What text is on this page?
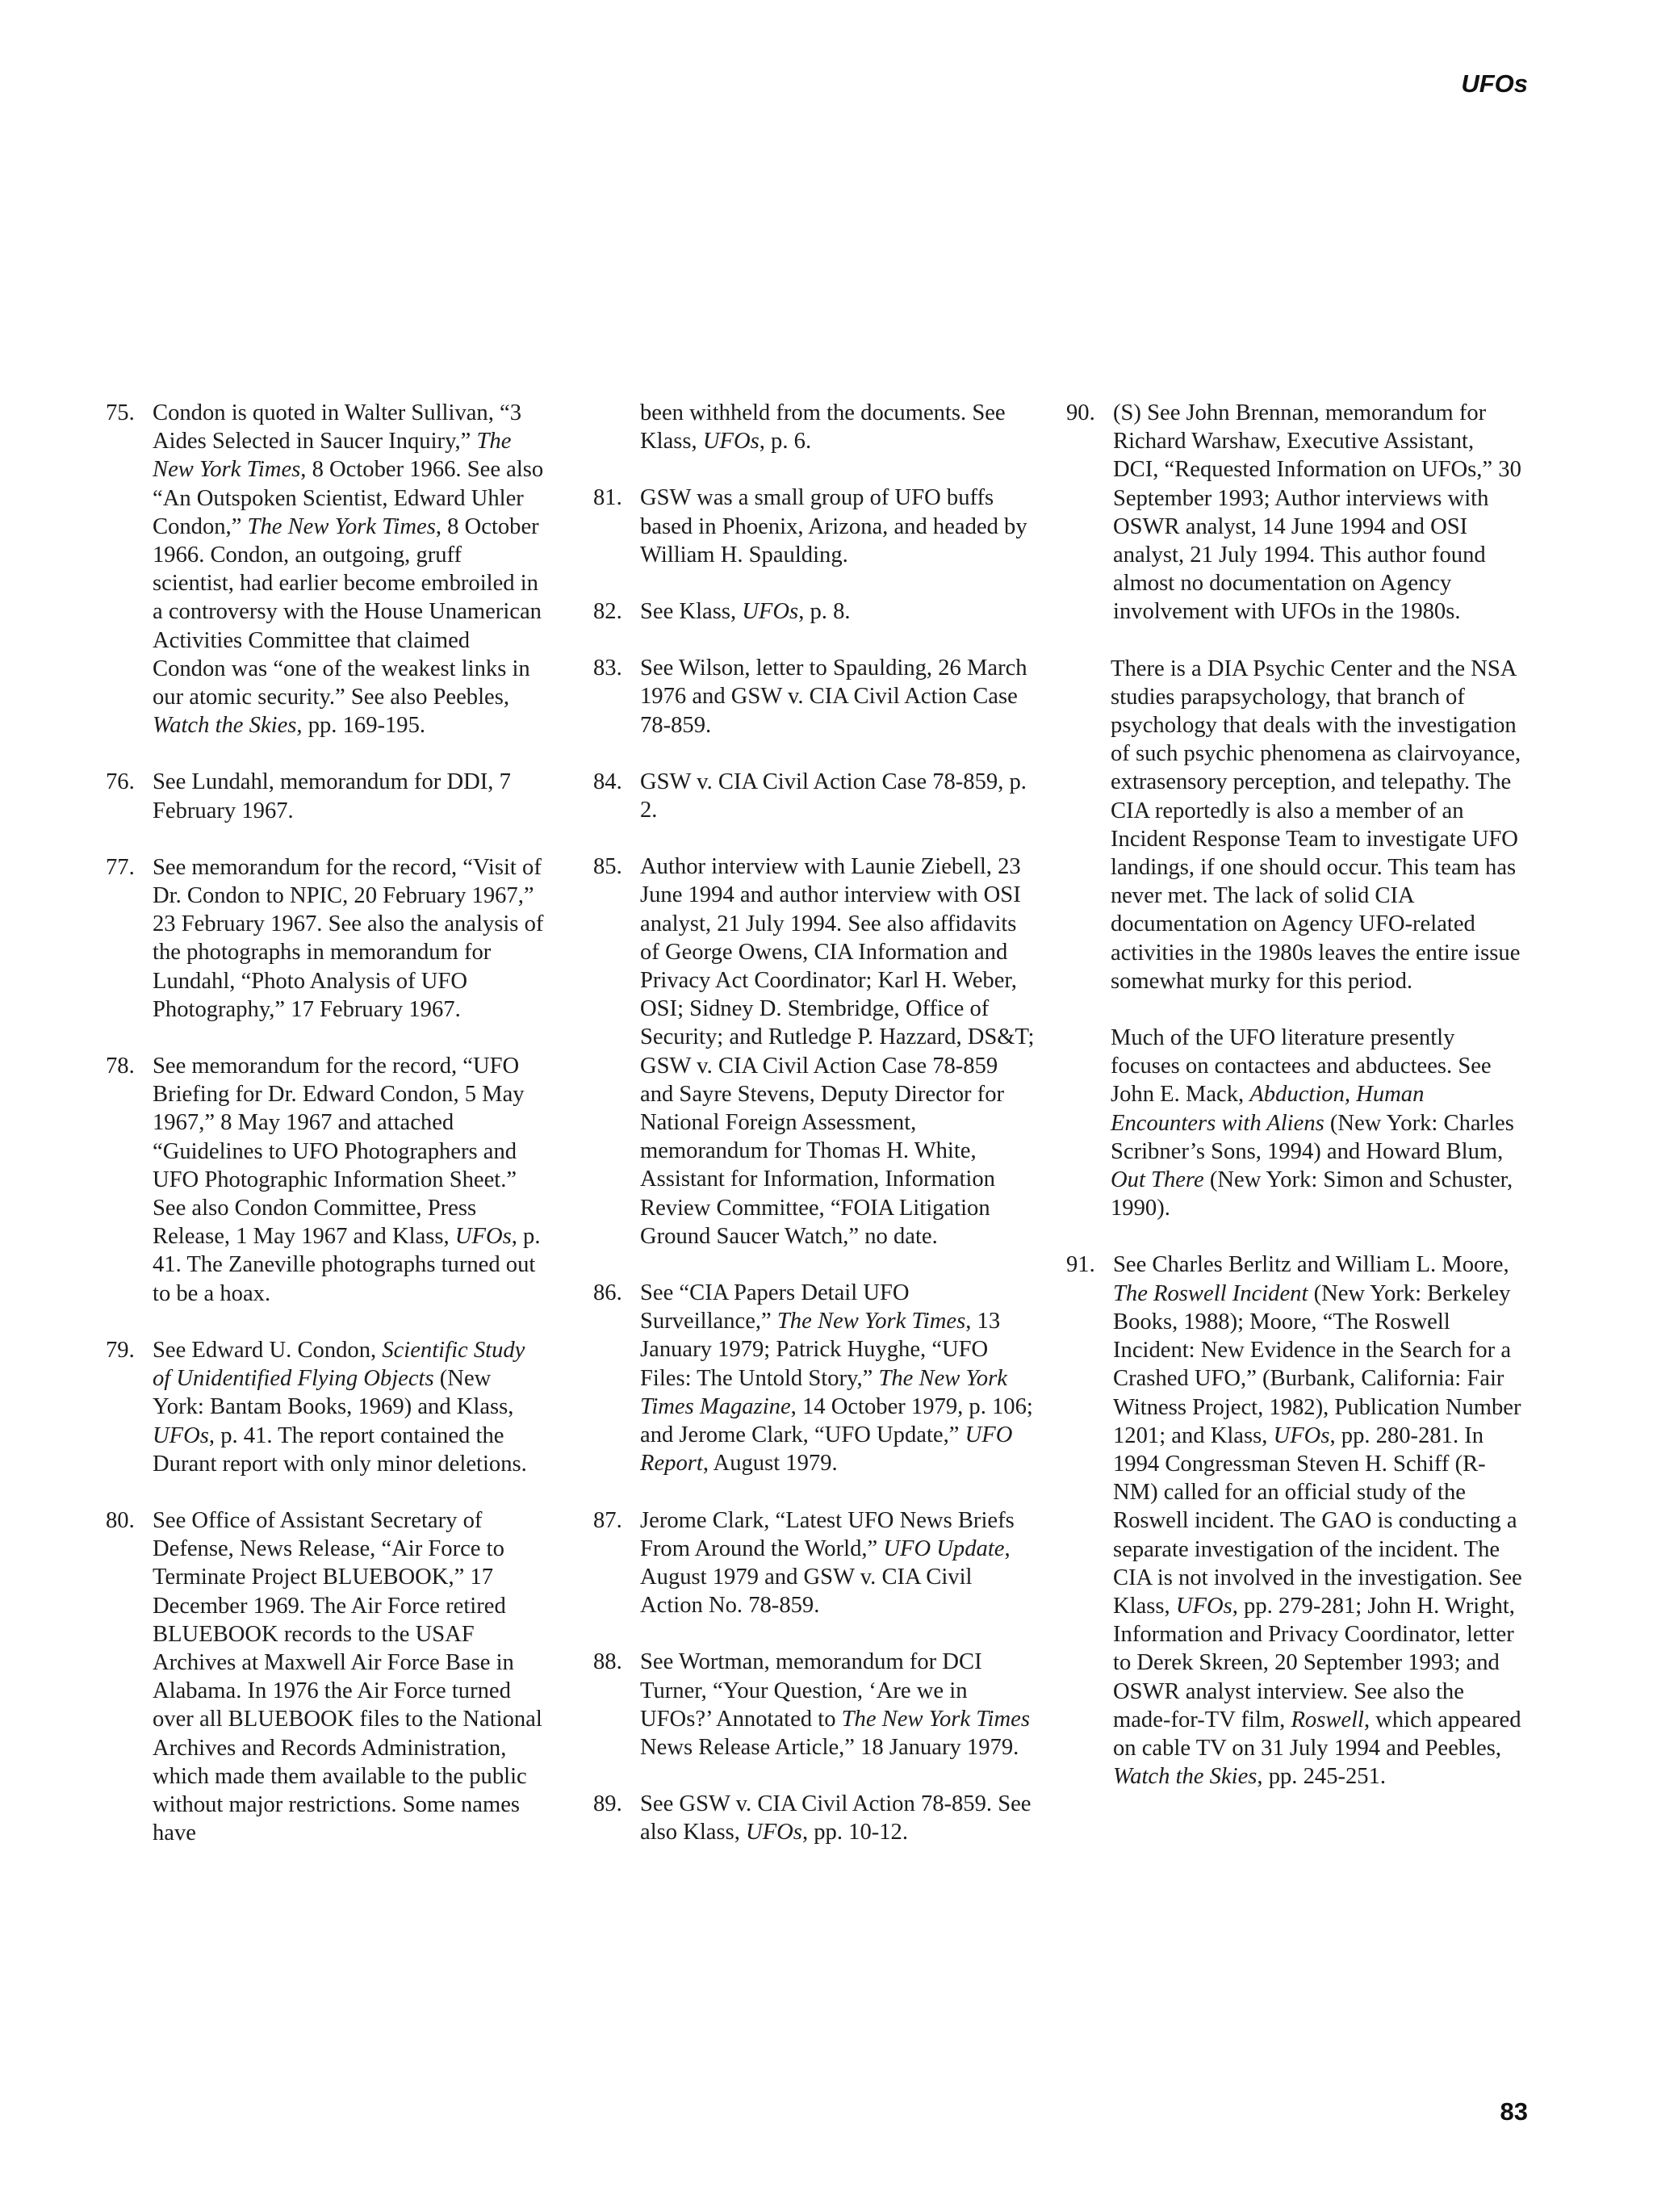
UFOs
75. Condon is quoted in Walter Sullivan, “3 Aides Selected in Saucer Inquiry,” The New York Times, 8 October 1966. See also “An Outspoken Scientist, Edward Uhler Condon,” The New York Times, 8 October 1966. Condon, an outgoing, gruff scientist, had earlier become embroiled in a controversy with the House Unamerican Activities Committee that claimed Condon was “one of the weakest links in our atomic security.” See also Peebles, Watch the Skies, pp. 169-195.
76. See Lundahl, memorandum for DDI, 7 February 1967.
77. See memorandum for the record, “Visit of Dr. Condon to NPIC, 20 February 1967,” 23 February 1967. See also the analysis of the photographs in memorandum for Lundahl, “Photo Analysis of UFO Photography,” 17 February 1967.
78. See memorandum for the record, “UFO Briefing for Dr. Edward Condon, 5 May 1967,” 8 May 1967 and attached “Guidelines to UFO Photographers and UFO Photographic Information Sheet.” See also Condon Committee, Press Release, 1 May 1967 and Klass, UFOs, p. 41. The Zaneville photographs turned out to be a hoax.
79. See Edward U. Condon, Scientific Study of Unidentified Flying Objects (New York: Bantam Books, 1969) and Klass, UFOs, p. 41. The report contained the Durant report with only minor deletions.
80. See Office of Assistant Secretary of Defense, News Release, “Air Force to Terminate Project BLUEBOOK,” 17 December 1969. The Air Force retired BLUEBOOK records to the USAF Archives at Maxwell Air Force Base in Alabama. In 1976 the Air Force turned over all BLUEBOOK files to the National Archives and Records Administration, which made them available to the public without major restrictions. Some names have
been withheld from the documents. See Klass, UFOs, p. 6.
81. GSW was a small group of UFO buffs based in Phoenix, Arizona, and headed by William H. Spaulding.
82. See Klass, UFOs, p. 8.
83. See Wilson, letter to Spaulding, 26 March 1976 and GSW v. CIA Civil Action Case 78-859.
84. GSW v. CIA Civil Action Case 78-859, p. 2.
85. Author interview with Launie Ziebell, 23 June 1994 and author interview with OSI analyst, 21 July 1994. See also affidavits of George Owens, CIA Information and Privacy Act Coordinator; Karl H. Weber, OSI; Sidney D. Stembridge, Office of Security; and Rutledge P. Hazzard, DS&T; GSW v. CIA Civil Action Case 78-859 and Sayre Stevens, Deputy Director for National Foreign Assessment, memorandum for Thomas H. White, Assistant for Information, Information Review Committee, “FOIA Litigation Ground Saucer Watch,” no date.
86. See “CIA Papers Detail UFO Surveillance,” The New York Times, 13 January 1979; Patrick Huyghe, “UFO Files: The Untold Story,” The New York Times Magazine, 14 October 1979, p. 106; and Jerome Clark, “UFO Update,” UFO Report, August 1979.
87. Jerome Clark, “Latest UFO News Briefs From Around the World,” UFO Update, August 1979 and GSW v. CIA Civil Action No. 78-859.
88. See Wortman, memorandum for DCI Turner, “Your Question, ‘Are we in UFOs?’ Annotated to The New York Times News Release Article,” 18 January 1979.
89. See GSW v. CIA Civil Action 78-859. See also Klass, UFOs, pp. 10-12.
90. (S) See John Brennan, memorandum for Richard Warshaw, Executive Assistant, DCI, “Requested Information on UFOs,” 30 September 1993; Author interviews with OSWR analyst, 14 June 1994 and OSI analyst, 21 July 1994. This author found almost no documentation on Agency involvement with UFOs in the 1980s.
There is a DIA Psychic Center and the NSA studies parapsychology, that branch of psychology that deals with the investigation of such psychic phenomena as clairvoyance, extrasensory perception, and telepathy. The CIA reportedly is also a member of an Incident Response Team to investigate UFO landings, if one should occur. This team has never met. The lack of solid CIA documentation on Agency UFO-related activities in the 1980s leaves the entire issue somewhat murky for this period.
Much of the UFO literature presently focuses on contactees and abductees. See John E. Mack, Abduction, Human Encounters with Aliens (New York: Charles Scribner’s Sons, 1994) and Howard Blum, Out There (New York: Simon and Schuster, 1990).
91. See Charles Berlitz and William L. Moore, The Roswell Incident (New York: Berkeley Books, 1988); Moore, “The Roswell Incident: New Evidence in the Search for a Crashed UFO,” (Burbank, California: Fair Witness Project, 1982), Publication Number 1201; and Klass, UFOs, pp. 280-281. In 1994 Congressman Steven H. Schiff (R-NM) called for an official study of the Roswell incident. The GAO is conducting a separate investigation of the incident. The CIA is not involved in the investigation. See Klass, UFOs, pp. 279-281; John H. Wright, Information and Privacy Coordinator, letter to Derek Skreen, 20 September 1993; and OSWR analyst interview. See also the made-for-TV film, Roswell, which appeared on cable TV on 31 July 1994 and Peebles, Watch the Skies, pp. 245-251.
83
